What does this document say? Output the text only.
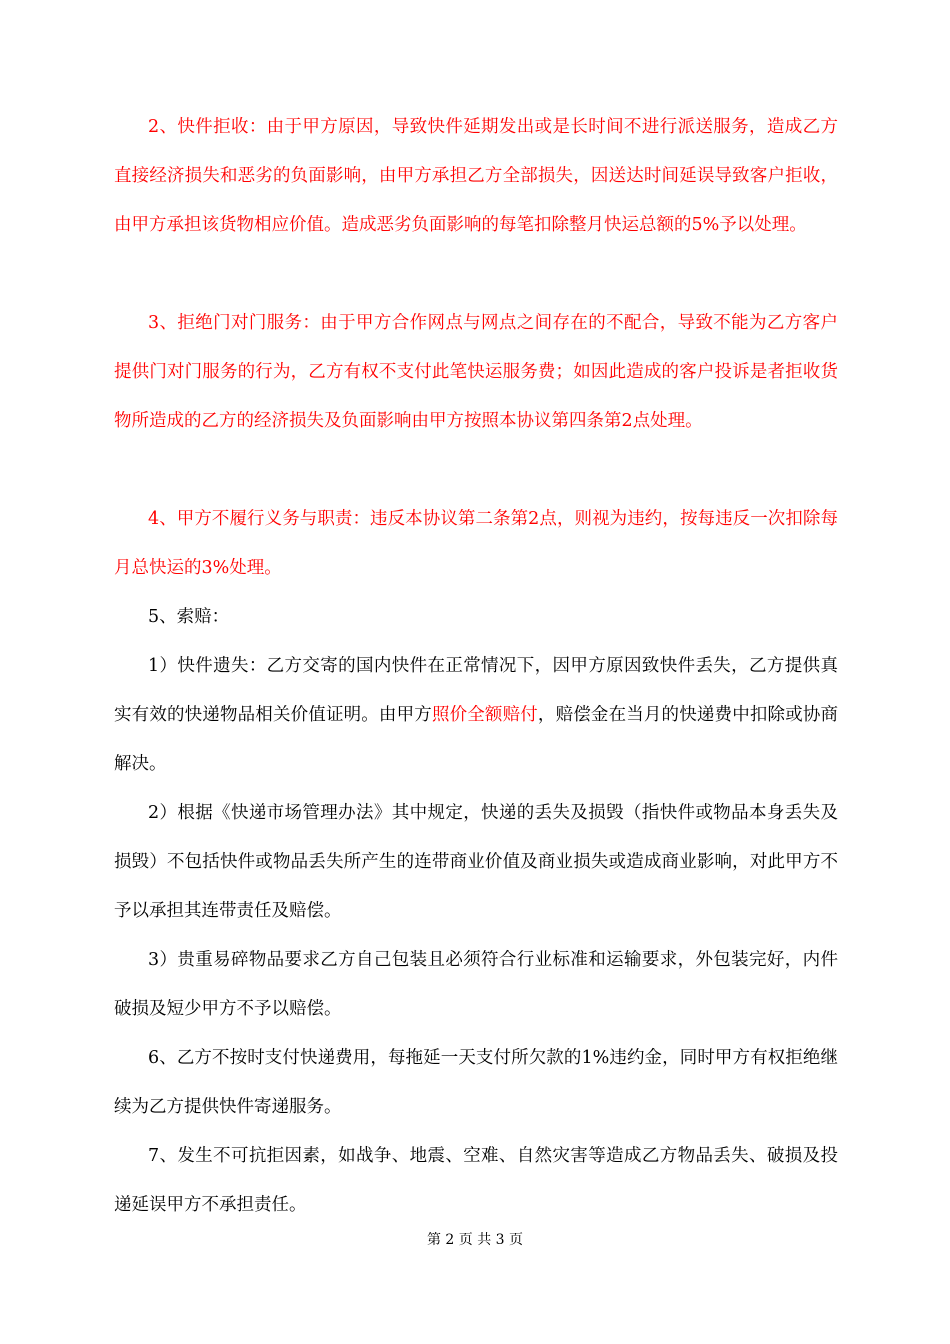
2、快件拒收：由于甲方原因，导致快件延期发出或是长时间不进行派送服务，造成乙方直接经济损失和恶劣的负面影响，由甲方承担乙方全部损失，因送达时间延误导致客户拒收，由甲方承担该货物相应价值。造成恶劣负面影响的每笔扣除整月快运总额的5%予以处理。

3、拒绝门对门服务：由于甲方合作网点与网点之间存在的不配合，导致不能为乙方客户提供门对门服务的行为，乙方有权不支付此笔快运服务费；如因此造成的客户投诉是者拒收货物所造成的乙方的经济损失及负面影响由甲方按照本协议第四条第2点处理。

4、甲方不履行义务与职责：违反本协议第二条第2点，则视为违约，按每违反一次扣除每月总快运的3%处理。

5、索赔：

1）快件遗失：乙方交寄的国内快件在正常情况下，因甲方原因致快件丢失，乙方提供真实有效的快递物品相关价值证明。由甲方照价全额赔付，赔偿金在当月的快递费中扣除或协商解决。

2）根据《快递市场管理办法》其中规定，快递的丢失及损毁（指快件或物品本身丢失及损毁）不包括快件或物品丢失所产生的连带商业价值及商业损失或造成商业影响，对此甲方不予以承担其连带责任及赔偿。

3）贵重易碎物品要求乙方自己包装且必须符合行业标准和运输要求，外包装完好，内件破损及短少甲方不予以赔偿。

6、乙方不按时支付快递费用，每拖延一天支付所欠款的1%违约金，同时甲方有权拒绝继续为乙方提供快件寄递服务。

7、发生不可抗拒因素，如战争、地震、空难、自然灾害等造成乙方物品丢失、破损及投递延误甲方不承担责任。

第 2 页 共 3 页
